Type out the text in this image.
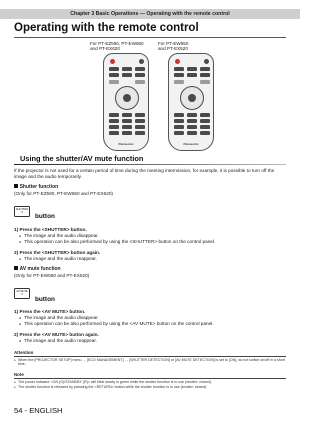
Chapter 3 Basic Operations — Operating with the remote control
Operating with the remote control
For PT-EZ590, PT-EW650
and PT-EX620
For PT-EW550
and PT-EX520
Panasonic	Panasonic
Using the shutter/AV mute function
If the projector is not used for a certain period of time during the meeting intermission, for example, it is possible to turn off the image and the audio temporarily.
Shutter function
(Only for PT-EZ590, PT-EW650 and PT-EX620)
SHUTTER
3
button
1) Press the <SHUTTER> button.
● The image and the audio disappear.
● This operation can be also performed by using the <SHUTTER> button on the control panel.
2) Press the <SHUTTER> button again.
● The image and the audio reappear.
AV mute function
(Only for PT-EW550 and PT-EX520)
AV MUTE
3
button
1) Press the <AV MUTE> button.
● The image and the audio disappear.
● This operation can be also performed by using the <AV MUTE> button on the control panel.
2) Press the <AV MUTE> button again.
● The image and the audio reappear.
Attention
● When the [PROJECTOR SETUP] menu → [ECO MANAGEMENT] → [SHUTTER DETECTION] or [AV MUTE DETECTION] is set to [ON], do not switch on/off in a short time.
Note
● The power indicator <ON (G)/STANDBY (R)> will blink slowly in green while the shutter function is in use (shutter: closed).
● The shutter function is released by pressing the <RETURN> button while the shutter function is in use (shutter: closed).
54 - ENGLISH
